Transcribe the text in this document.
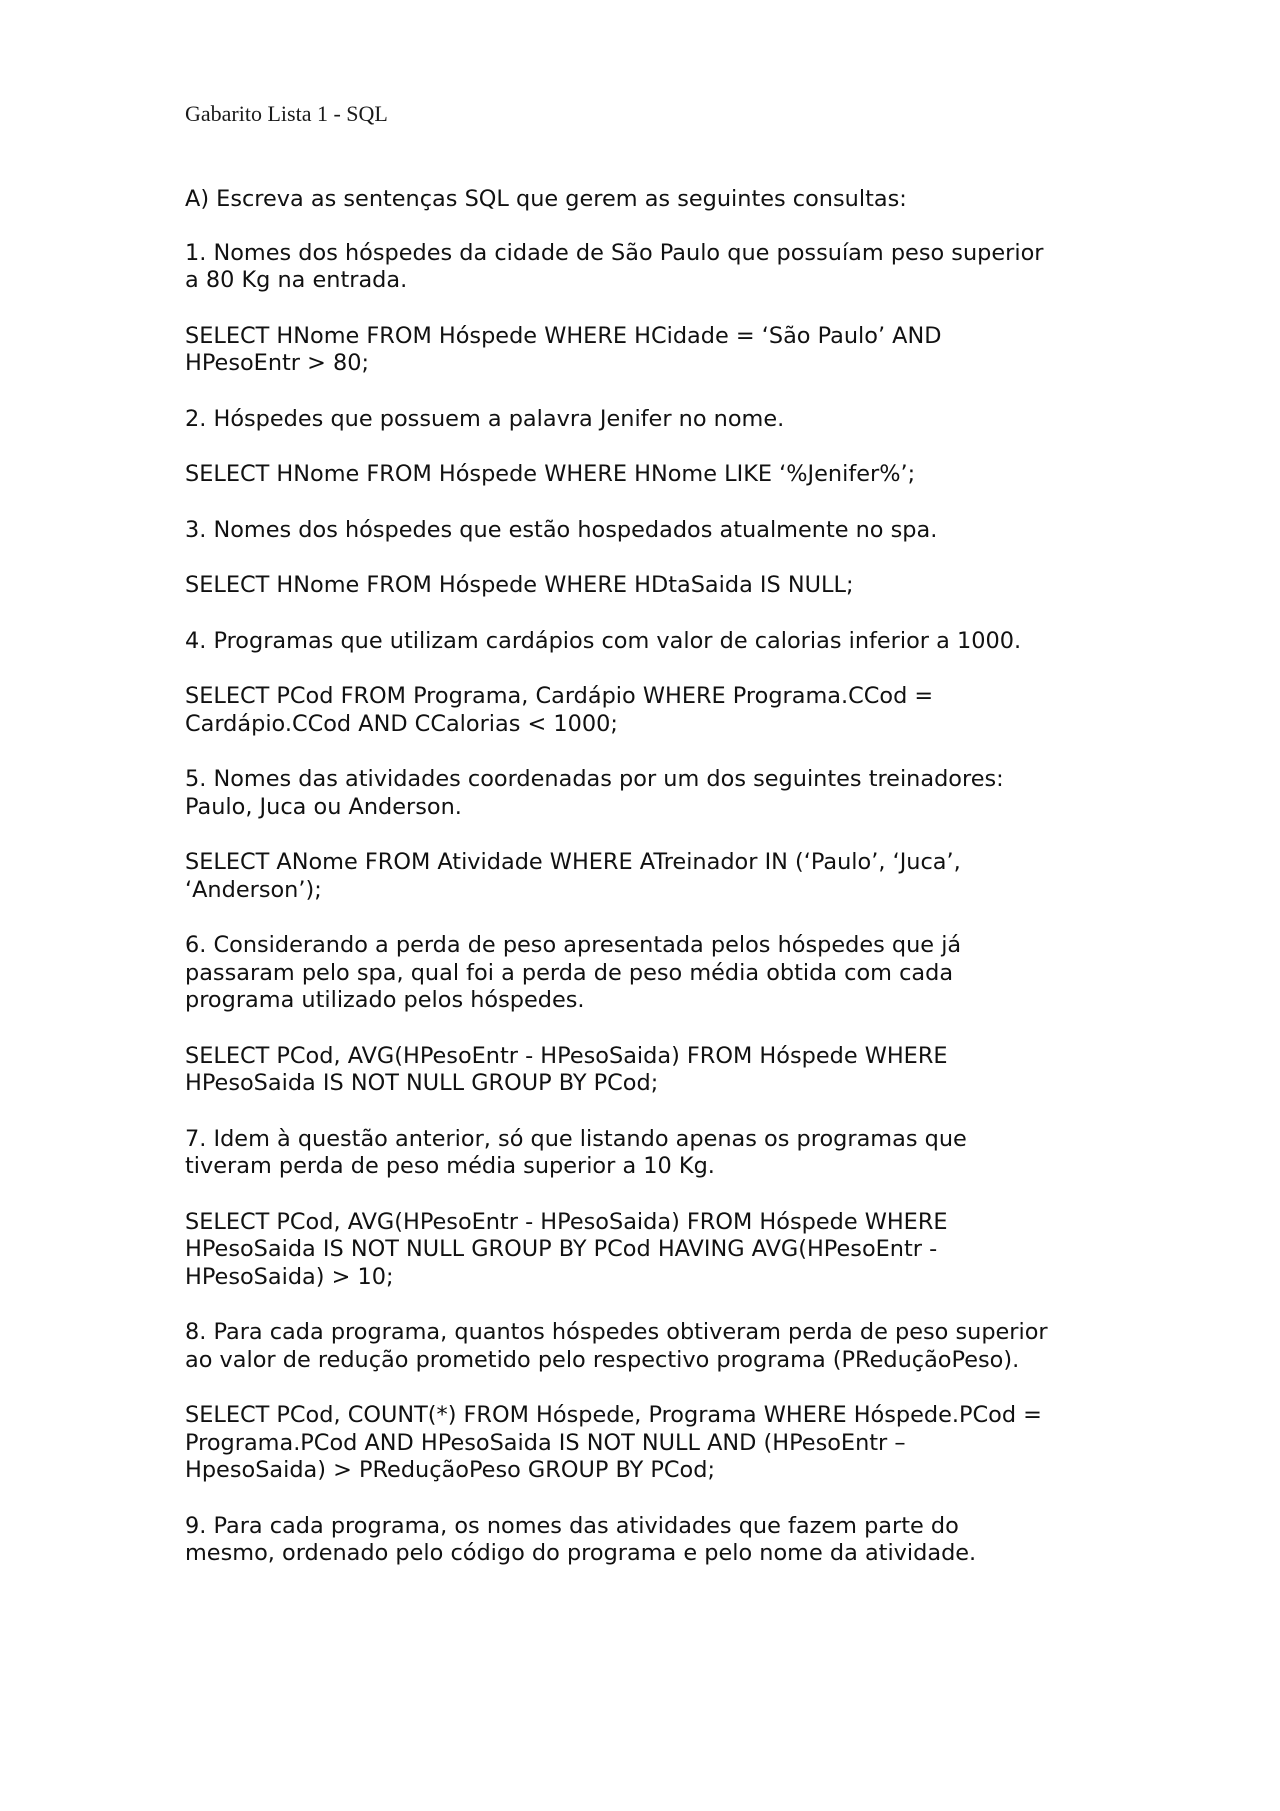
Gabarito Lista 1 - SQL
A) Escreva as sentenças SQL que gerem as seguintes consultas:
1. Nomes dos hóspedes da cidade de São Paulo que possuíam peso superior
a 80 Kg na entrada.
SELECT HNome FROM Hóspede WHERE HCidade = ‘São Paulo’ AND
HPesoEntr > 80;
2. Hóspedes que possuem a palavra Jenifer no nome.
SELECT HNome FROM Hóspede WHERE HNome LIKE ‘%Jenifer%’;
3. Nomes dos hóspedes que estão hospedados atualmente no spa.
SELECT HNome FROM Hóspede WHERE HDtaSaida IS NULL;
4. Programas que utilizam cardápios com valor de calorias inferior a 1000.
SELECT PCod FROM Programa, Cardápio WHERE Programa.CCod =
Cardápio.CCod AND CCalorias < 1000;
5. Nomes das atividades coordenadas por um dos seguintes treinadores:
Paulo, Juca ou Anderson.
SELECT ANome FROM Atividade WHERE ATreinador IN (‘Paulo’, ‘Juca’,
‘Anderson’);
6. Considerando a perda de peso apresentada pelos hóspedes que já
passaram pelo spa, qual foi a perda de peso média obtida com cada
programa utilizado pelos hóspedes.
SELECT PCod, AVG(HPesoEntr - HPesoSaida) FROM Hóspede WHERE
HPesoSaida IS NOT NULL GROUP BY PCod;
7. Idem à questão anterior, só que listando apenas os programas que
tiveram perda de peso média superior a 10 Kg.
SELECT PCod, AVG(HPesoEntr - HPesoSaida) FROM Hóspede WHERE
HPesoSaida IS NOT NULL GROUP BY PCod HAVING AVG(HPesoEntr -
HPesoSaida) > 10;
8. Para cada programa, quantos hóspedes obtiveram perda de peso superior
ao valor de redução prometido pelo respectivo programa (PReduçãoPeso).
SELECT PCod, COUNT(*) FROM Hóspede, Programa WHERE Hóspede.PCod =
Programa.PCod AND HPesoSaida IS NOT NULL AND (HPesoEntr –
HpesoSaida) > PReduçãoPeso GROUP BY PCod;
9. Para cada programa, os nomes das atividades que fazem parte do
mesmo, ordenado pelo código do programa e pelo nome da atividade.
